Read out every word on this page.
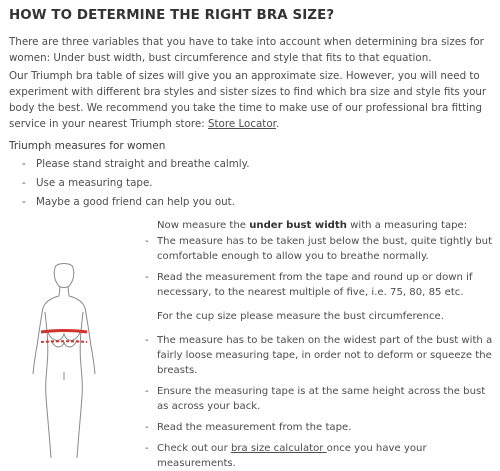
HOW TO DETERMINE THE RIGHT BRA SIZE?

There are three variables that you have to take into account when determining bra sizes for women: Under bust width, bust circumference and style that fits to that equation.

Our Triumph bra table of sizes will give you an approximate size. However, you will need to experiment with different bra styles and sister sizes to find which bra size and style fits your body the best. We recommend you take the time to make use of our professional bra fitting service in your nearest Triumph store: Store Locator.

Triumph measures for women
- Please stand straight and breathe calmly.
- Use a measuring tape.
- Maybe a good friend can help you out.
Now measure the under bust width with a measuring tape:
- The measure has to be taken just below the bust, quite tightly but comfortable enough to allow you to breathe normally.
- Read the measurement from the tape and round up or down if necessary, to the nearest multiple of five, i.e. 75, 80, 85 etc.
For the cup size please measure the bust circumference.
- The measure has to be taken on the widest part of the bust with a fairly loose measuring tape, in order not to deform or squeeze the breasts.
- Ensure the measuring tape is at the same height across the bust as across your back.
- Read the measurement from the tape.
- Check out our bra size calculator once you have your measurements.
